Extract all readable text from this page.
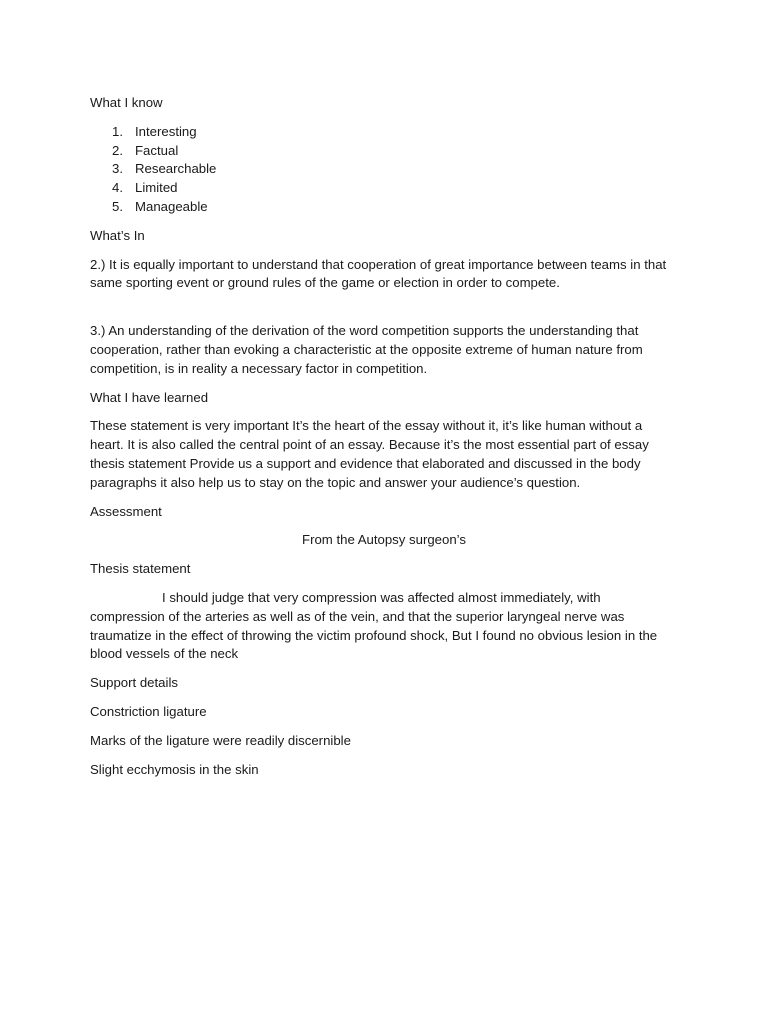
What I know

1. Interesting
2. Factual
3. Researchable
4. Limited
5. Manageable

What’s In

2.) It is equally important to understand that cooperation of great importance between teams in that same sporting event or ground rules of the game or election in order to compete.

3.) An understanding of the derivation of the word competition supports the understanding that cooperation, rather than evoking a characteristic at the opposite extreme of human nature from competition, is in reality a necessary factor in competition.

What I have learned

These statement is very important It’s the heart of the essay without it, it’s like human without a heart. It is also called the central point of an essay. Because it’s the most essential part of essay thesis statement Provide us a support and evidence that elaborated and discussed in the body paragraphs it also help us to stay on the topic and answer your audience’s question.

Assessment

From the Autopsy surgeon’s

Thesis statement

I should judge that very compression was affected almost immediately, with compression of the arteries as well as of the vein, and that the superior laryngeal nerve was traumatize in the effect of throwing the victim profound shock, But I found no obvious lesion in the blood vessels of the neck

Support details

Constriction ligature

Marks of the ligature were readily discernible

Slight ecchymosis in the skin
